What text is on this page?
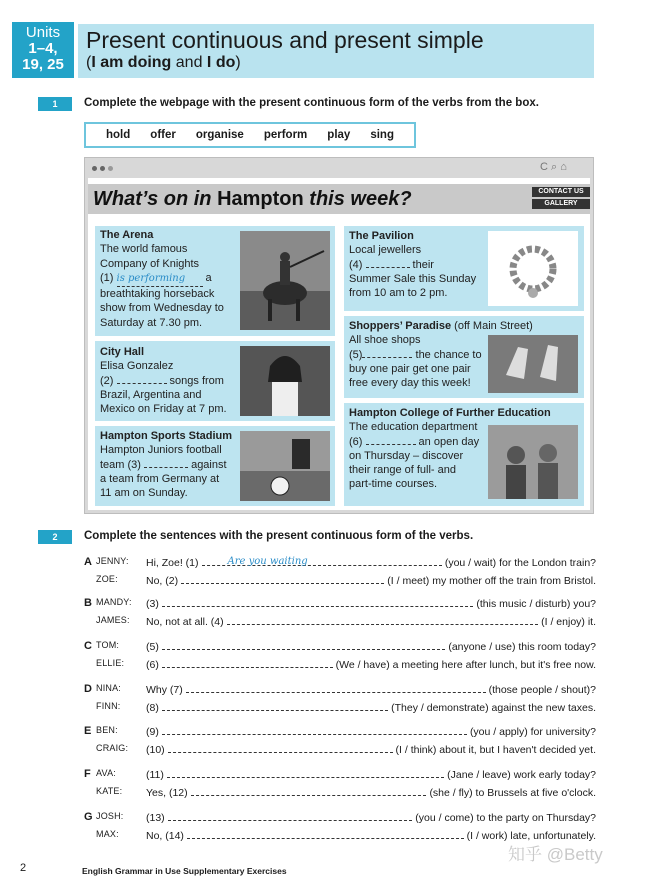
Units
1–4,
19, 25
Present continuous and present simple
(I am doing and I do)
1	Complete the webpage with the present continuous form of the verbs from the box.
hold offer organise perform play sing
C ⌕ ⌂
What’s on in Hampton this week?	CONTACT US
GALLERY
The Arena
The world famous
Company of Knights
(1) is performing a
breathtaking horseback
show from Wednesday to
Saturday at 7.30 pm.
City Hall
Elisa Gonzalez
(2)	songs from
Brazil, Argentina and
Mexico on Friday at 7 pm.
Hampton Sports Stadium
Hampton Juniors football
team (3)	against
a team from Germany at
11 am on Sunday.
The Pavilion
Local jewellers
(4)	their
Summer Sale this Sunday
from 10 am to 2 pm.
Shoppers’ Paradise (off Main Street)
All shoe shops
(5)	the chance to
buy one pair get one pair
free every day this week!
Hampton College of Further Education
The education department
(6)	an open day
on Thursday – discover
their range of full- and
part-time courses.
2	Complete the sentences with the present continuous form of the verbs.
A JENNY: Hi, Zoe! (1)	Are you waiting	(you / wait) for the London train?
ZOE:	No, (2)	(I / meet) my mother off the train from Bristol.
B MANDY: (3)	(this music / disturb) you?
JAMES: No, not at all. (4)	(I / enjoy) it.
C TOM:	(5)	(anyone / use) this room today?
ELLIE: (6)	(We / have) a meeting here after lunch, but it's free now.
D NINA: Why (7)	(those people / shout)?
FINN: (8)	(They / demonstrate) against the new taxes.
E BEN:	(9)	(you / apply) for university?
CRAIG: (10)	(I / think) about it, but I haven't decided yet.
F AVA:	(11)	(Jane / leave) work early today?
KATE: Yes, (12)	(she / fly) to Brussels at five o'clock.
G JOSH: (13)	(you / come) to the party on Thursday?
MAX:	No, (14)	(I / work) late, unfortunately.
2	English Grammar in Use Supplementary Exercises
知乎 @Betty
